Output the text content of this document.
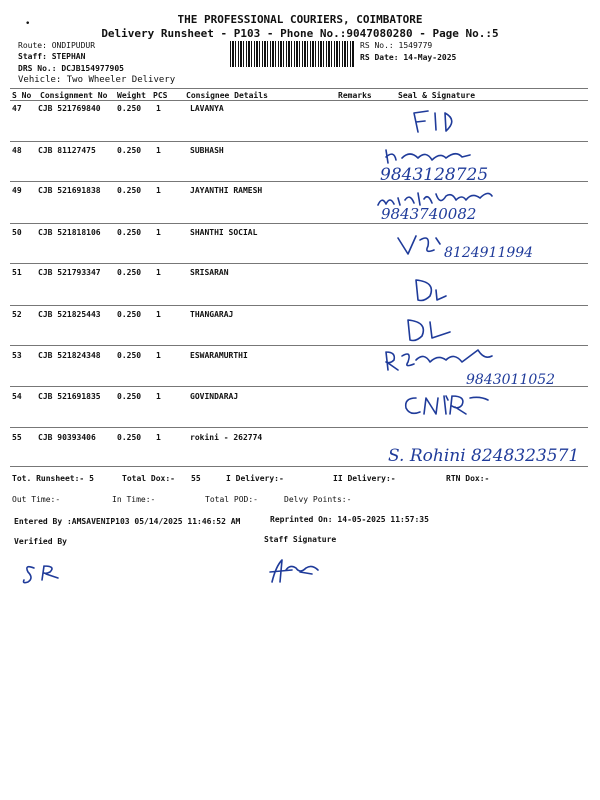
•	THE PROFESSIONAL COURIERS, COIMBATORE
Delivery Runsheet - P103 - Phone No.:9047080280 - Page No.:5
Route: ONDIPUDUR
Staff: STEPHAN
DRS No.: DCJB154977905
Vehicle: Two Wheeler Delivery
RS No.: 1549779
RS Date: 14-May-2025
S No Consignment No Weight PCS Consignee Details	Remarks	Seal & Signature
47 CJB 521769840 0.250 1	LAVANYA
48 CJB 81127475	0.250 1	SUBHASH
49 CJB 521691838 0.250 1	JAYANTHI RAMESH
50 CJB 521818106 0.250 1	SHANTHI SOCIAL
51 CJB 521793347 0.250 1	SRISARAN
52 CJB 521825443 0.250 1	THANGARAJ
53 CJB 521824348 0.250 1	ESWARAMURTHI
54 CJB 521691835 0.250 1	GOVINDARAJ
55 CJB 90393406	0.250 1	rokini - 262774
9843128725
9843740082
8124911994
9843011052
S. Rohini 8248323571
Tot. Runsheet:- 5	Total Dox:- 55	I Delivery:-	II Delivery:-	RTN Dox:-
Out Time:-	In Time:-	Total POD:-	Delvy Points:-
Entered By :AMSAVENIP103 05/14/2025 11:46:52 AM	Reprinted On: 14-05-2025 11:57:35
Verified By	Staff Signature
